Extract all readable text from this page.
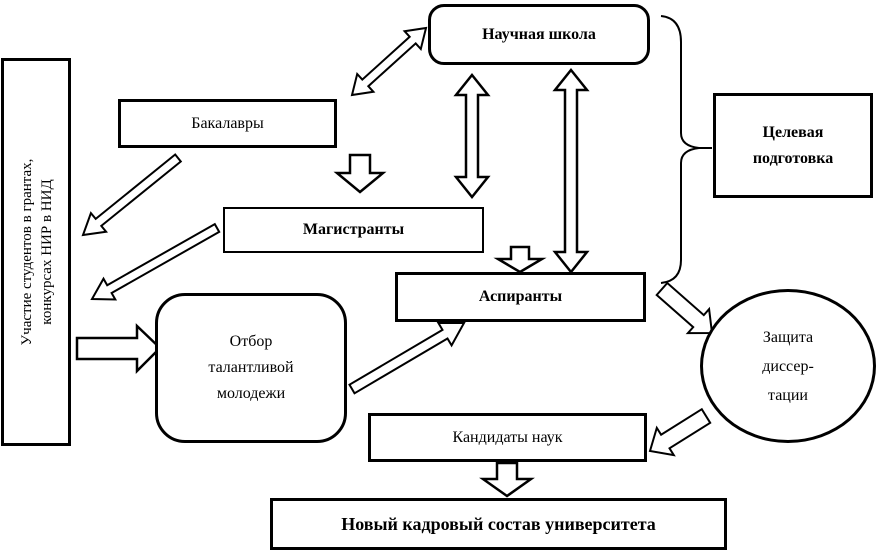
Участие студентов в грантах, конкурсах НИР в НИД
Научная школа
Бакалавры
Целевая
подготовка
Магистранты
Аспиранты
Отбор
талантливой
молодежи
Защита
диссер-
тации
Кандидаты наук
Новый кадровый состав университета
